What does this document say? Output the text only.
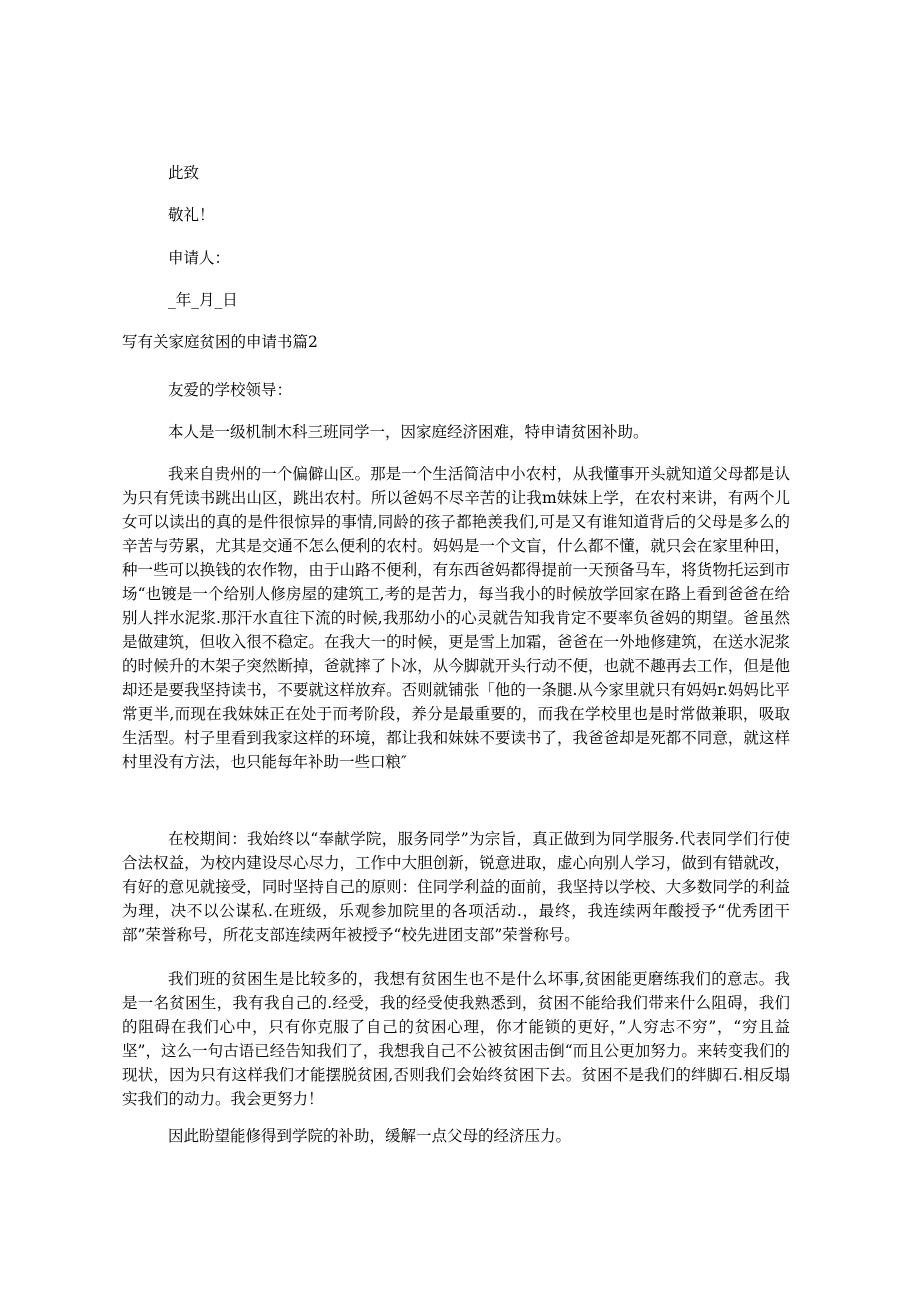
此致
敬礼！
申请人：
_年_月_日
写有关家庭贫困的申请书篇2
友爱的学校领导：
本人是一级机制木科三班同学一，因家庭经济困难，特申请贫困补助。
我来自贵州的一个偏僻山区。那是一个生活简洁中小农村，从我懂事开头就知道父母都是认为只有凭读书跳出山区，跳出农村。所以爸妈不尽辛苦的让我m妹妹上学，在农村来讲，有两个儿女可以读出的真的是件很惊异的事情,同龄的孩子都艳羡我们,可是又有谁知道背后的父母是多么的辛苦与劳累，尤其是交通不怎么便利的农村。妈妈是一个文盲，什么都不懂，就只会在家里种田，种一些可以换钱的农作物，由于山路不便利，有东西爸妈都得提前一天预备马车，将货物托运到市场“也镀是一个给别人修房屋的建筑工,考的是苦力，每当我小的时候放学回家在路上看到爸爸在给别人拌水泥浆.那汗水直往下流的时候,我那幼小的心灵就告知我肯定不要率负爸妈的期望。爸虽然是做建筑，但收入很不稳定。在我大一的时候，更是雪上加霜，爸爸在一外地修建筑，在送水泥浆的时候升的木架子突然断掉，爸就摔了卜冰，从今脚就开头行动不便，也就不趣再去工作，但是他却还是要我坚持读书，不要就这样放弃。否则就铺张「他的一条腿.从今家里就只有妈妈r.妈妈比平常更半,而现在我妹妹正在处于而考阶段，养分是最重要的，而我在学校里也是时常做兼职，吸取生活型。村子里看到我家这样的环境，都让我和妹妹不要读书了，我爸爸却是死都不同意，就这样村里没有方法，也只能每年补助一些口粮″
在校期间：我始终以“奉献学院，服务同学”为宗旨，真正做到为同学服务.代表同学们行使合法权益，为校内建设尽心尽力，工作中大胆创新，锐意进取，虚心向别人学习，做到有错就改，有好的意见就接受，同时坚持自己的原则：住同学利益的面前，我坚持以学校、大多数同学的利益为理，决不以公谋私.在班级，乐观参加院里的各项活动.，最终，我连续两年酸授予“优秀团干部”荣誉称号，所花支部连续两年被授予“校先进团支部”荣誉称号。
我们班的贫困生是比较多的，我想有贫困生也不是什么坏事,贫困能更磨练我们的意志。我是一名贫困生，我有我自己的.经受，我的经受使我熟悉到，贫困不能给我们带来什么阻碍，我们的阻碍在我们心中，只有你克服了自己的贫困心理，你才能锁的更好，”人穷志不穷”，“穷且益坚”，这么一句古语已经告知我们了，我想我自己不公被贫困击倒“而且公更加努力。来转变我们的现状，因为只有这样我们才能摆脱贫困,否则我们会始终贫困下去。贫困不是我们的绊脚石.相反塌实我们的动力。我会更努力！
因此盼望能修得到学院的补助，缓解一点父母的经济压力。
